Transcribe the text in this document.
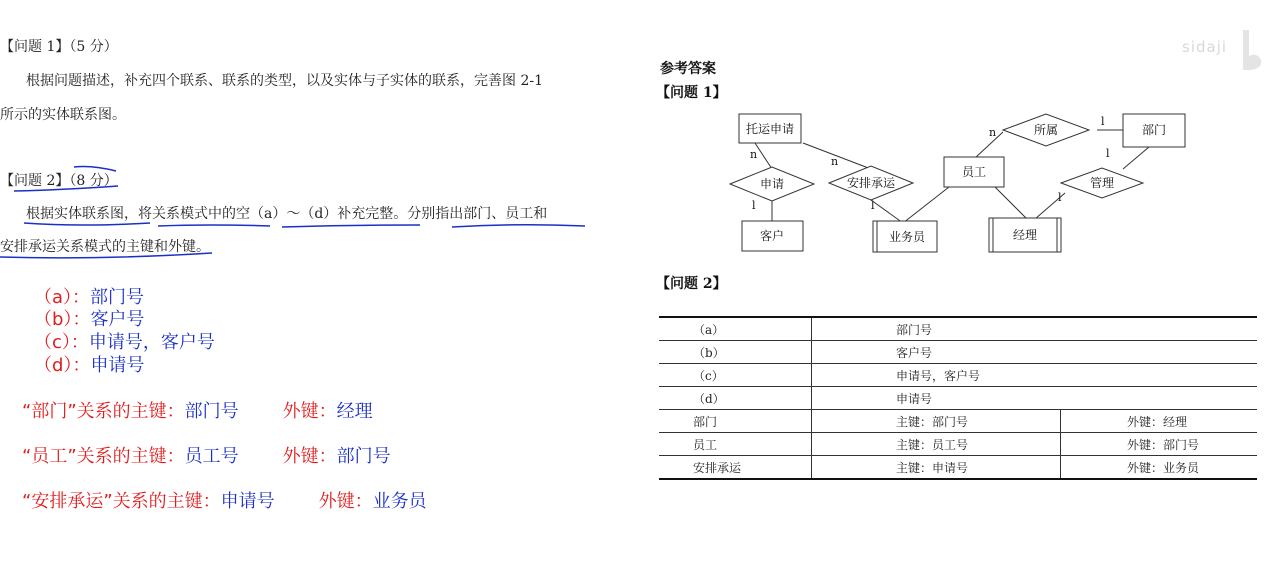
【问题 1】（5 分）
根据问题描述，补充四个联系、联系的类型，以及实体与子实体的联系，完善图 2-1
所示的实体联系图。
【问题 2】（8 分）
根据实体联系图，将关系模式中的空（a）～（d）补充完整。分别指出部门、员工和
安排承运关系模式的主键和外键。
（a）：部门号
（b）：客户号
（c）：申请号，客户号
（d）：申请号
“部门”关系的主键：部门号 外键：经理
“员工”关系的主键：员工号 外键：部门号
“安排承运”关系的主键：申请号 外键：业务员
sidaji
参考答案
【问题 1】
托运申请
客户	业务员
员工
经理
部门
申请	安排承运
所属
管理
n
l
n
l
n
l
l
l
【问题 2】
（a）	部门号	
（b）	客户号	
（c）	申请号，客户号	
（d）	申请号	
部门	主键：部门号	外键：经理
员工	主键：员工号	外键：部门号
安排承运	主键：申请号	外键：业务员
